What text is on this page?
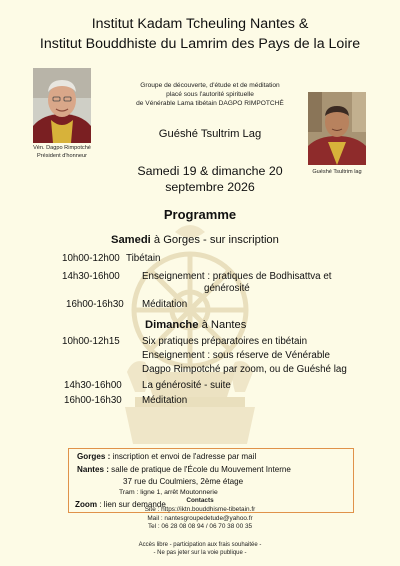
Institut Kadam Tcheuling Nantes &
Institut Bouddhiste du Lamrim des Pays de la Loire
Vén. Dagpo Rimpotché
Président d'honneur
Groupe de découverte, d'étude et de méditation
placé sous l'autorité spirituelle
de Vénérable Lama tibétain DAGPO RIMPOTCHÉ
Guéshé Tsultrim lag
Guéshé Tsultrim Lag
Samedi 19 & dimanche 20
septembre 2026
Programme
Samedi à Gorges - sur inscription
10h00-12h00 Tibétain
14h30-16h00 Enseignement : pratiques de Bodhisattva et
générosité
16h00-16h30 Méditation
Dimanche à Nantes
10h00-12h15 Six pratiques préparatoires en tibétain
Enseignement : sous réserve de Vénérable
Dagpo Rimpotché par zoom, ou de Guéshé lag
14h30-16h00 La générosité - suite
16h00-16h30 Méditation
Gorges : inscription et envoi de l'adresse par mail
Nantes : salle de pratique de l'École du Mouvement Interne
37 rue du Coulmiers, 2ème étage
Tram : ligne 1, arrêt Moutonnerie
Zoom : lien sur demande	Contacts
Site : https://iktn.bouddhisme-tibetain.fr
Mail : nantesgroupedetude@yahoo.fr
Tel : 06 28 08 08 94 / 06 70 38 00 35
Accès libre - participation aux frais souhaitée -
- Ne pas jeter sur la voie publique -
